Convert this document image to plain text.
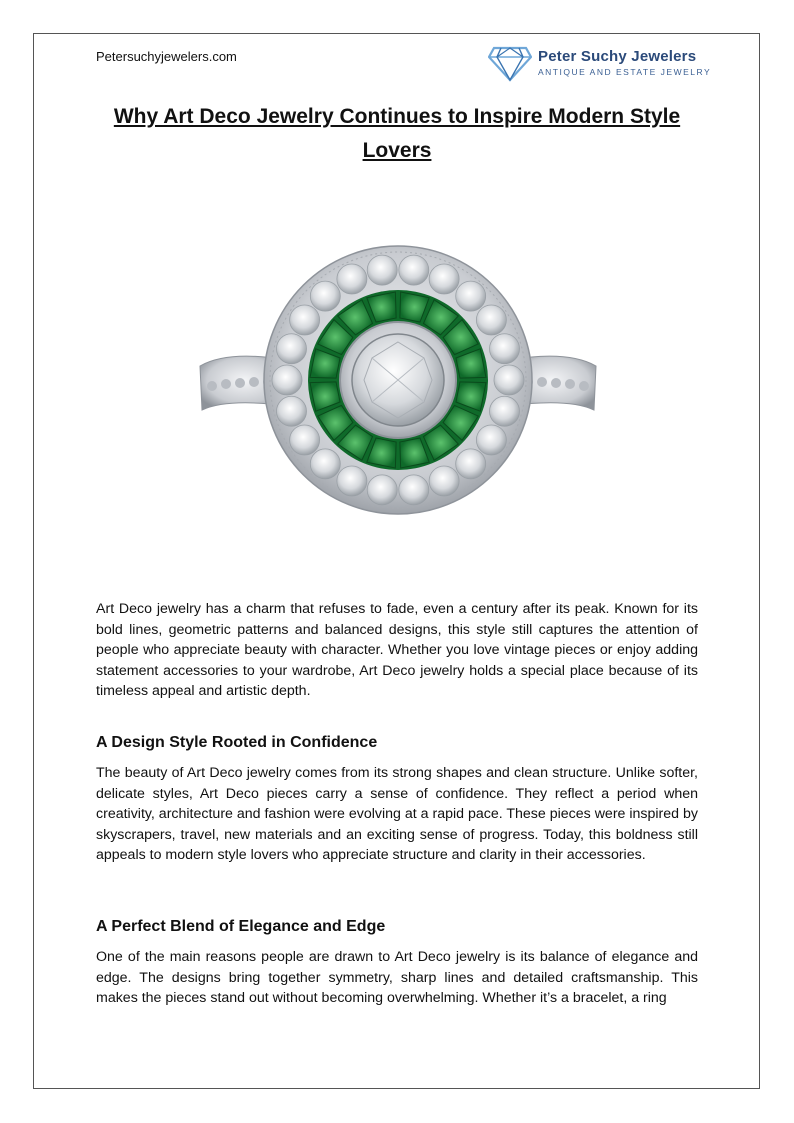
Petersuchyjewelers.com	Peter Suchy Jewelers
ANTIQUE AND ESTATE JEWELRY
Why Art Deco Jewelry Continues to Inspire Modern Style Lovers

Art Deco jewelry has a charm that refuses to fade, even a century after its peak. Known for its bold lines, geometric patterns and balanced designs, this style still captures the attention of people who appreciate beauty with character. Whether you love vintage pieces or enjoy adding statement accessories to your wardrobe, Art Deco jewelry holds a special place because of its timeless appeal and artistic depth.

A Design Style Rooted in Confidence

The beauty of Art Deco jewelry comes from its strong shapes and clean structure. Unlike softer, delicate styles, Art Deco pieces carry a sense of confidence. They reflect a period when creativity, architecture and fashion were evolving at a rapid pace. These pieces were inspired by skyscrapers, travel, new materials and an exciting sense of progress. Today, this boldness still appeals to modern style lovers who appreciate structure and clarity in their accessories.

A Perfect Blend of Elegance and Edge

One of the main reasons people are drawn to Art Deco jewelry is its balance of elegance and edge. The designs bring together symmetry, sharp lines and detailed craftsmanship. This makes the pieces stand out without becoming overwhelming. Whether it’s a bracelet, a ring
